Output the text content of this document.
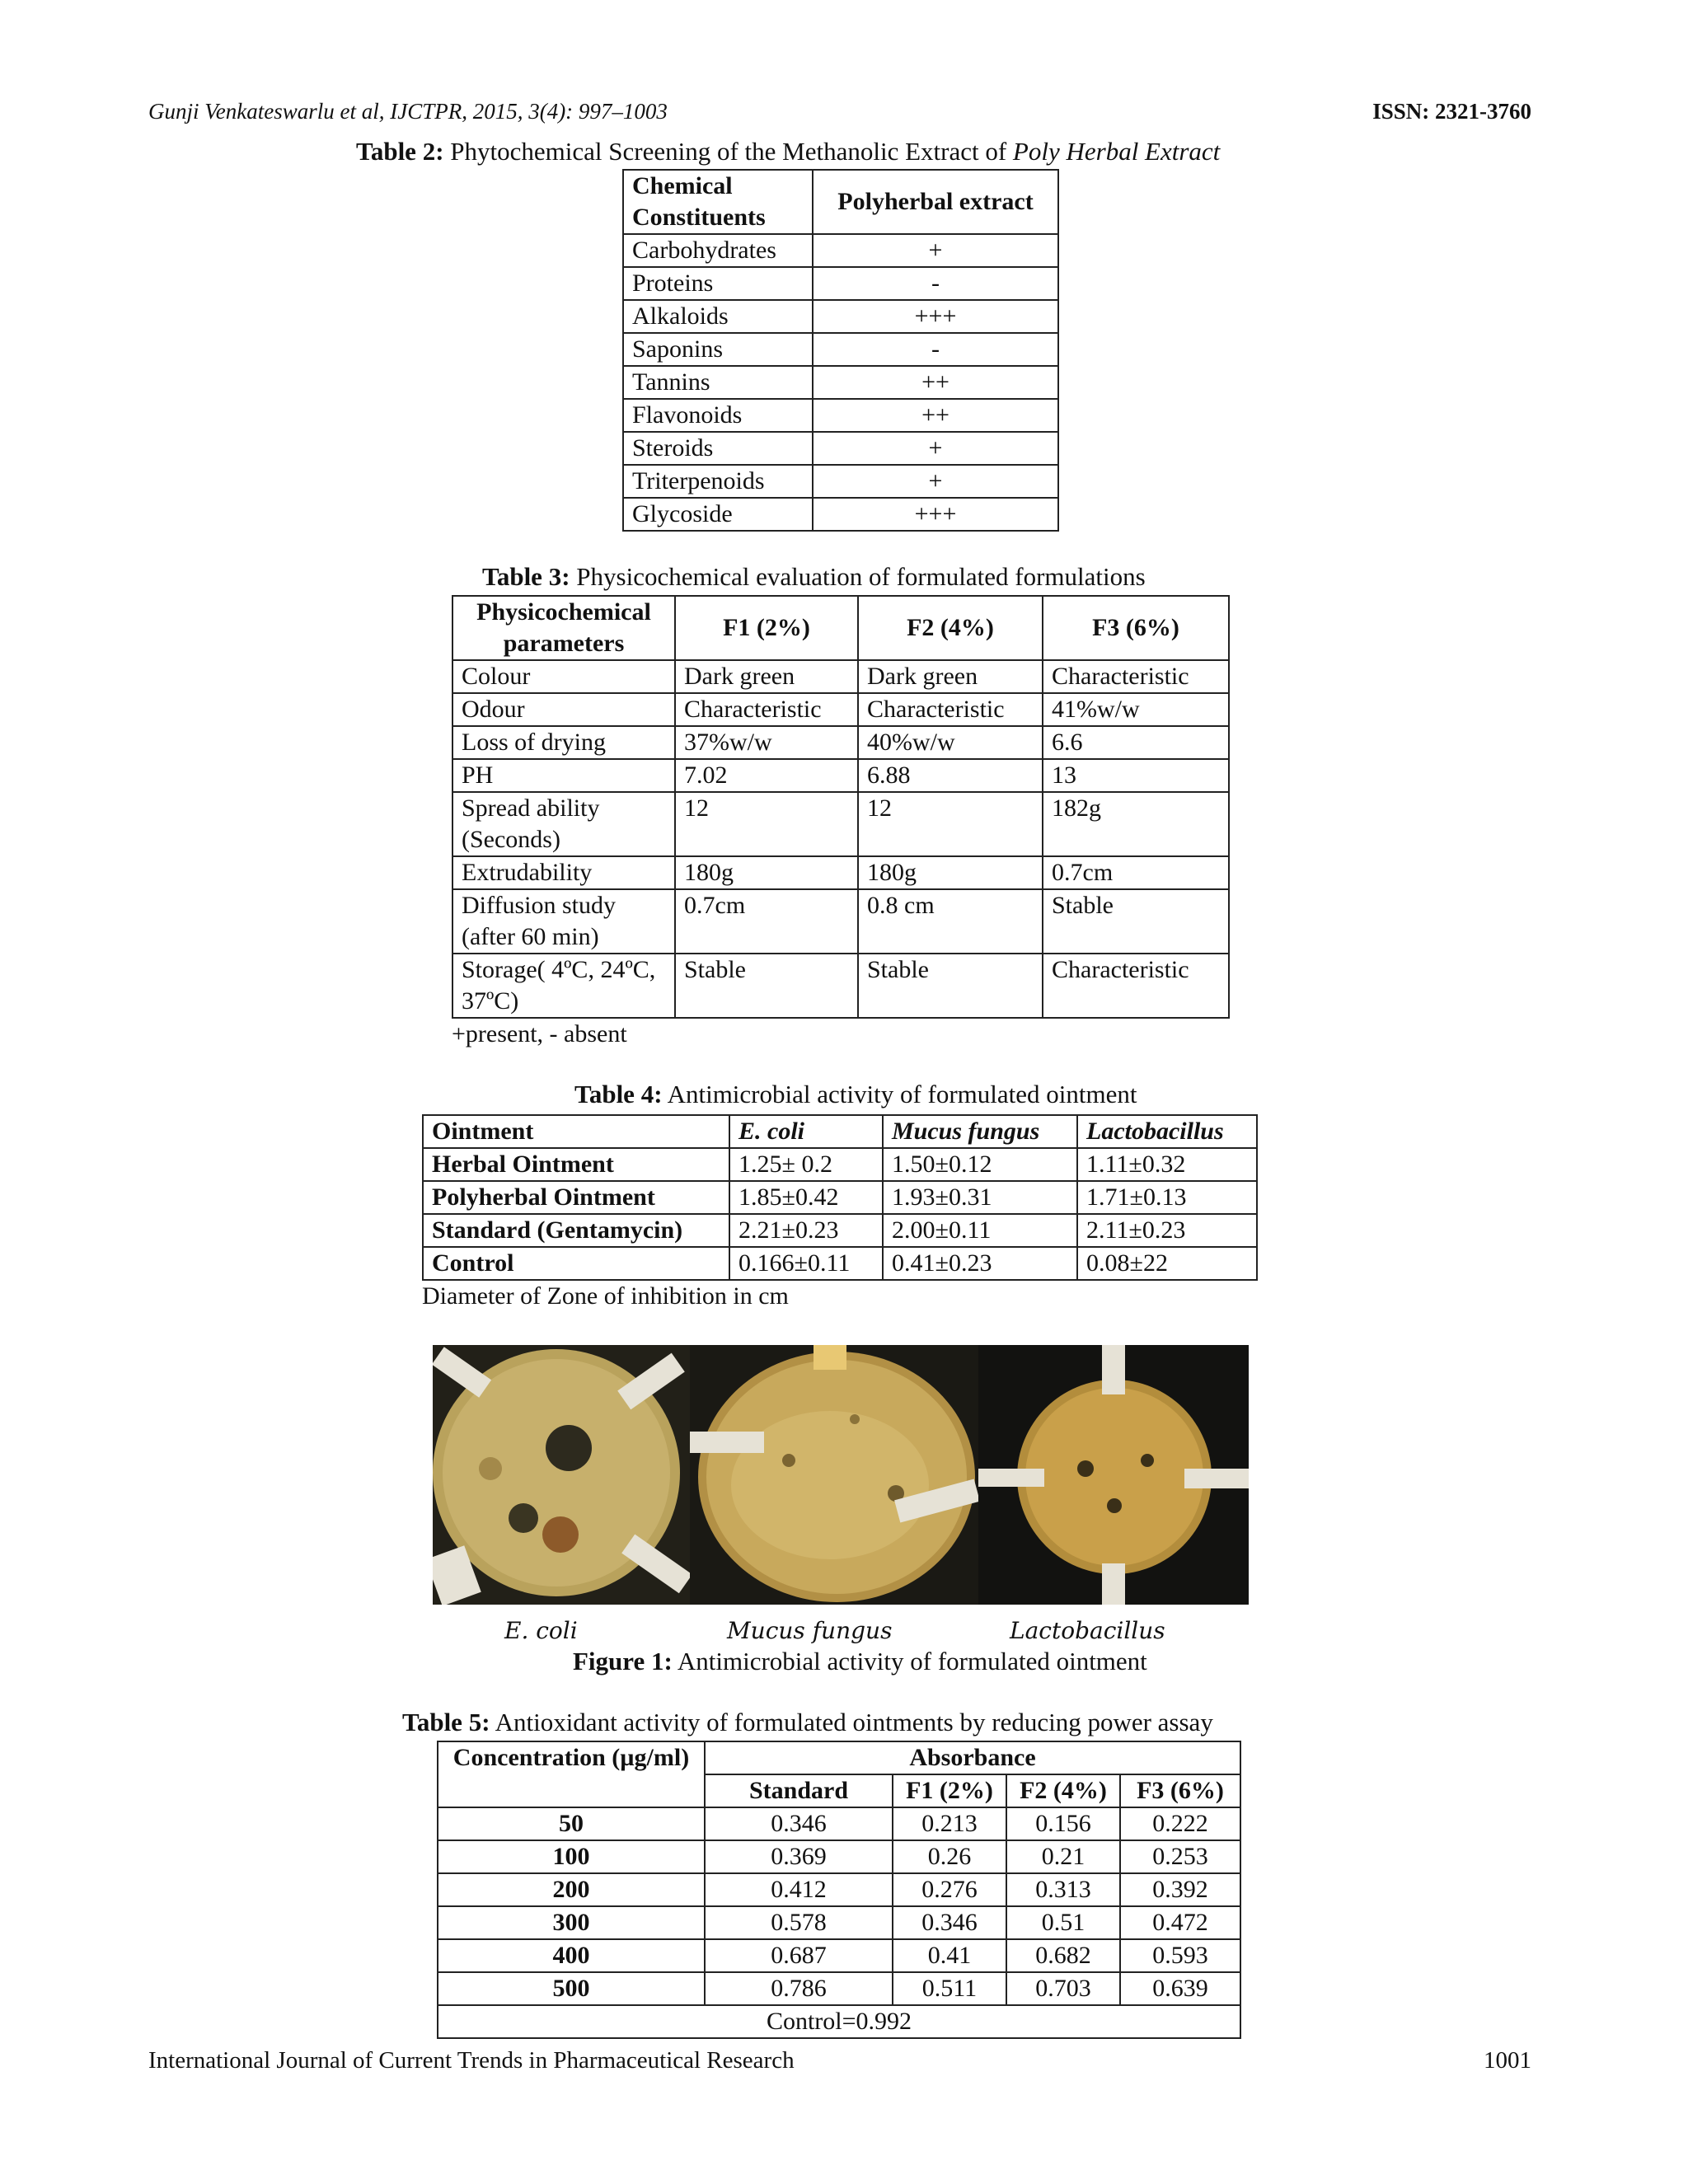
Gunji Venkateswarlu et al, IJCTPR, 2015, 3(4): 997–1003	ISSN: 2321-3760
Table 2: Phytochemical Screening of the Methanolic Extract of Poly Herbal Extract
Chemical Constituents	Polyherbal extract
Carbohydrates	+
Proteins	-
Alkaloids	+++
Saponins	-
Tannins	++
Flavonoids	++
Steroids	+
Triterpenoids	+
Glycoside	+++
Table 3: Physicochemical evaluation of formulated formulations
Physicochemical parameters	F1 (2%)	F2 (4%)	F3 (6%)
Colour	Dark green	Dark green	Characteristic
Odour	Characteristic	Characteristic	41%w/w
Loss of drying	37%w/w	40%w/w	6.6
PH	7.02	6.88	13
Spread ability (Seconds)	12	12	182g
Extrudability	180g	180g	0.7cm
Diffusion study (after 60 min)	0.7cm	0.8 cm	Stable
Storage( 4ºC, 24ºC, 37ºC)	Stable	Stable	Characteristic
+present, - absent
Table 4: Antimicrobial activity of formulated ointment
Ointment	E. coli	Mucus fungus	Lactobacillus
Herbal Ointment	1.25± 0.2	1.50±0.12	1.11±0.32
Polyherbal Ointment	1.85±0.42	1.93±0.31	1.71±0.13
Standard (Gentamycin)	2.21±0.23	2.00±0.11	2.11±0.23
Control	0.166±0.11	0.41±0.23	0.08±22
Diameter of Zone of inhibition in cm
E. coli	Mucus fungus	Lactobacillus
Figure 1: Antimicrobial activity of formulated ointment
Table 5: Antioxidant activity of formulated ointments by reducing power assay
Concentration (µg/ml)	Absorbance			
	Standard	F1 (2%)	F2 (4%)	F3 (6%)
50	0.346	0.213	0.156	0.222
100	0.369	0.26	0.21	0.253
200	0.412	0.276	0.313	0.392
300	0.578	0.346	0.51	0.472
400	0.687	0.41	0.682	0.593
500	0.786	0.511	0.703	0.639
Control=0.992				
International Journal of Current Trends in Pharmaceutical Research	1001
